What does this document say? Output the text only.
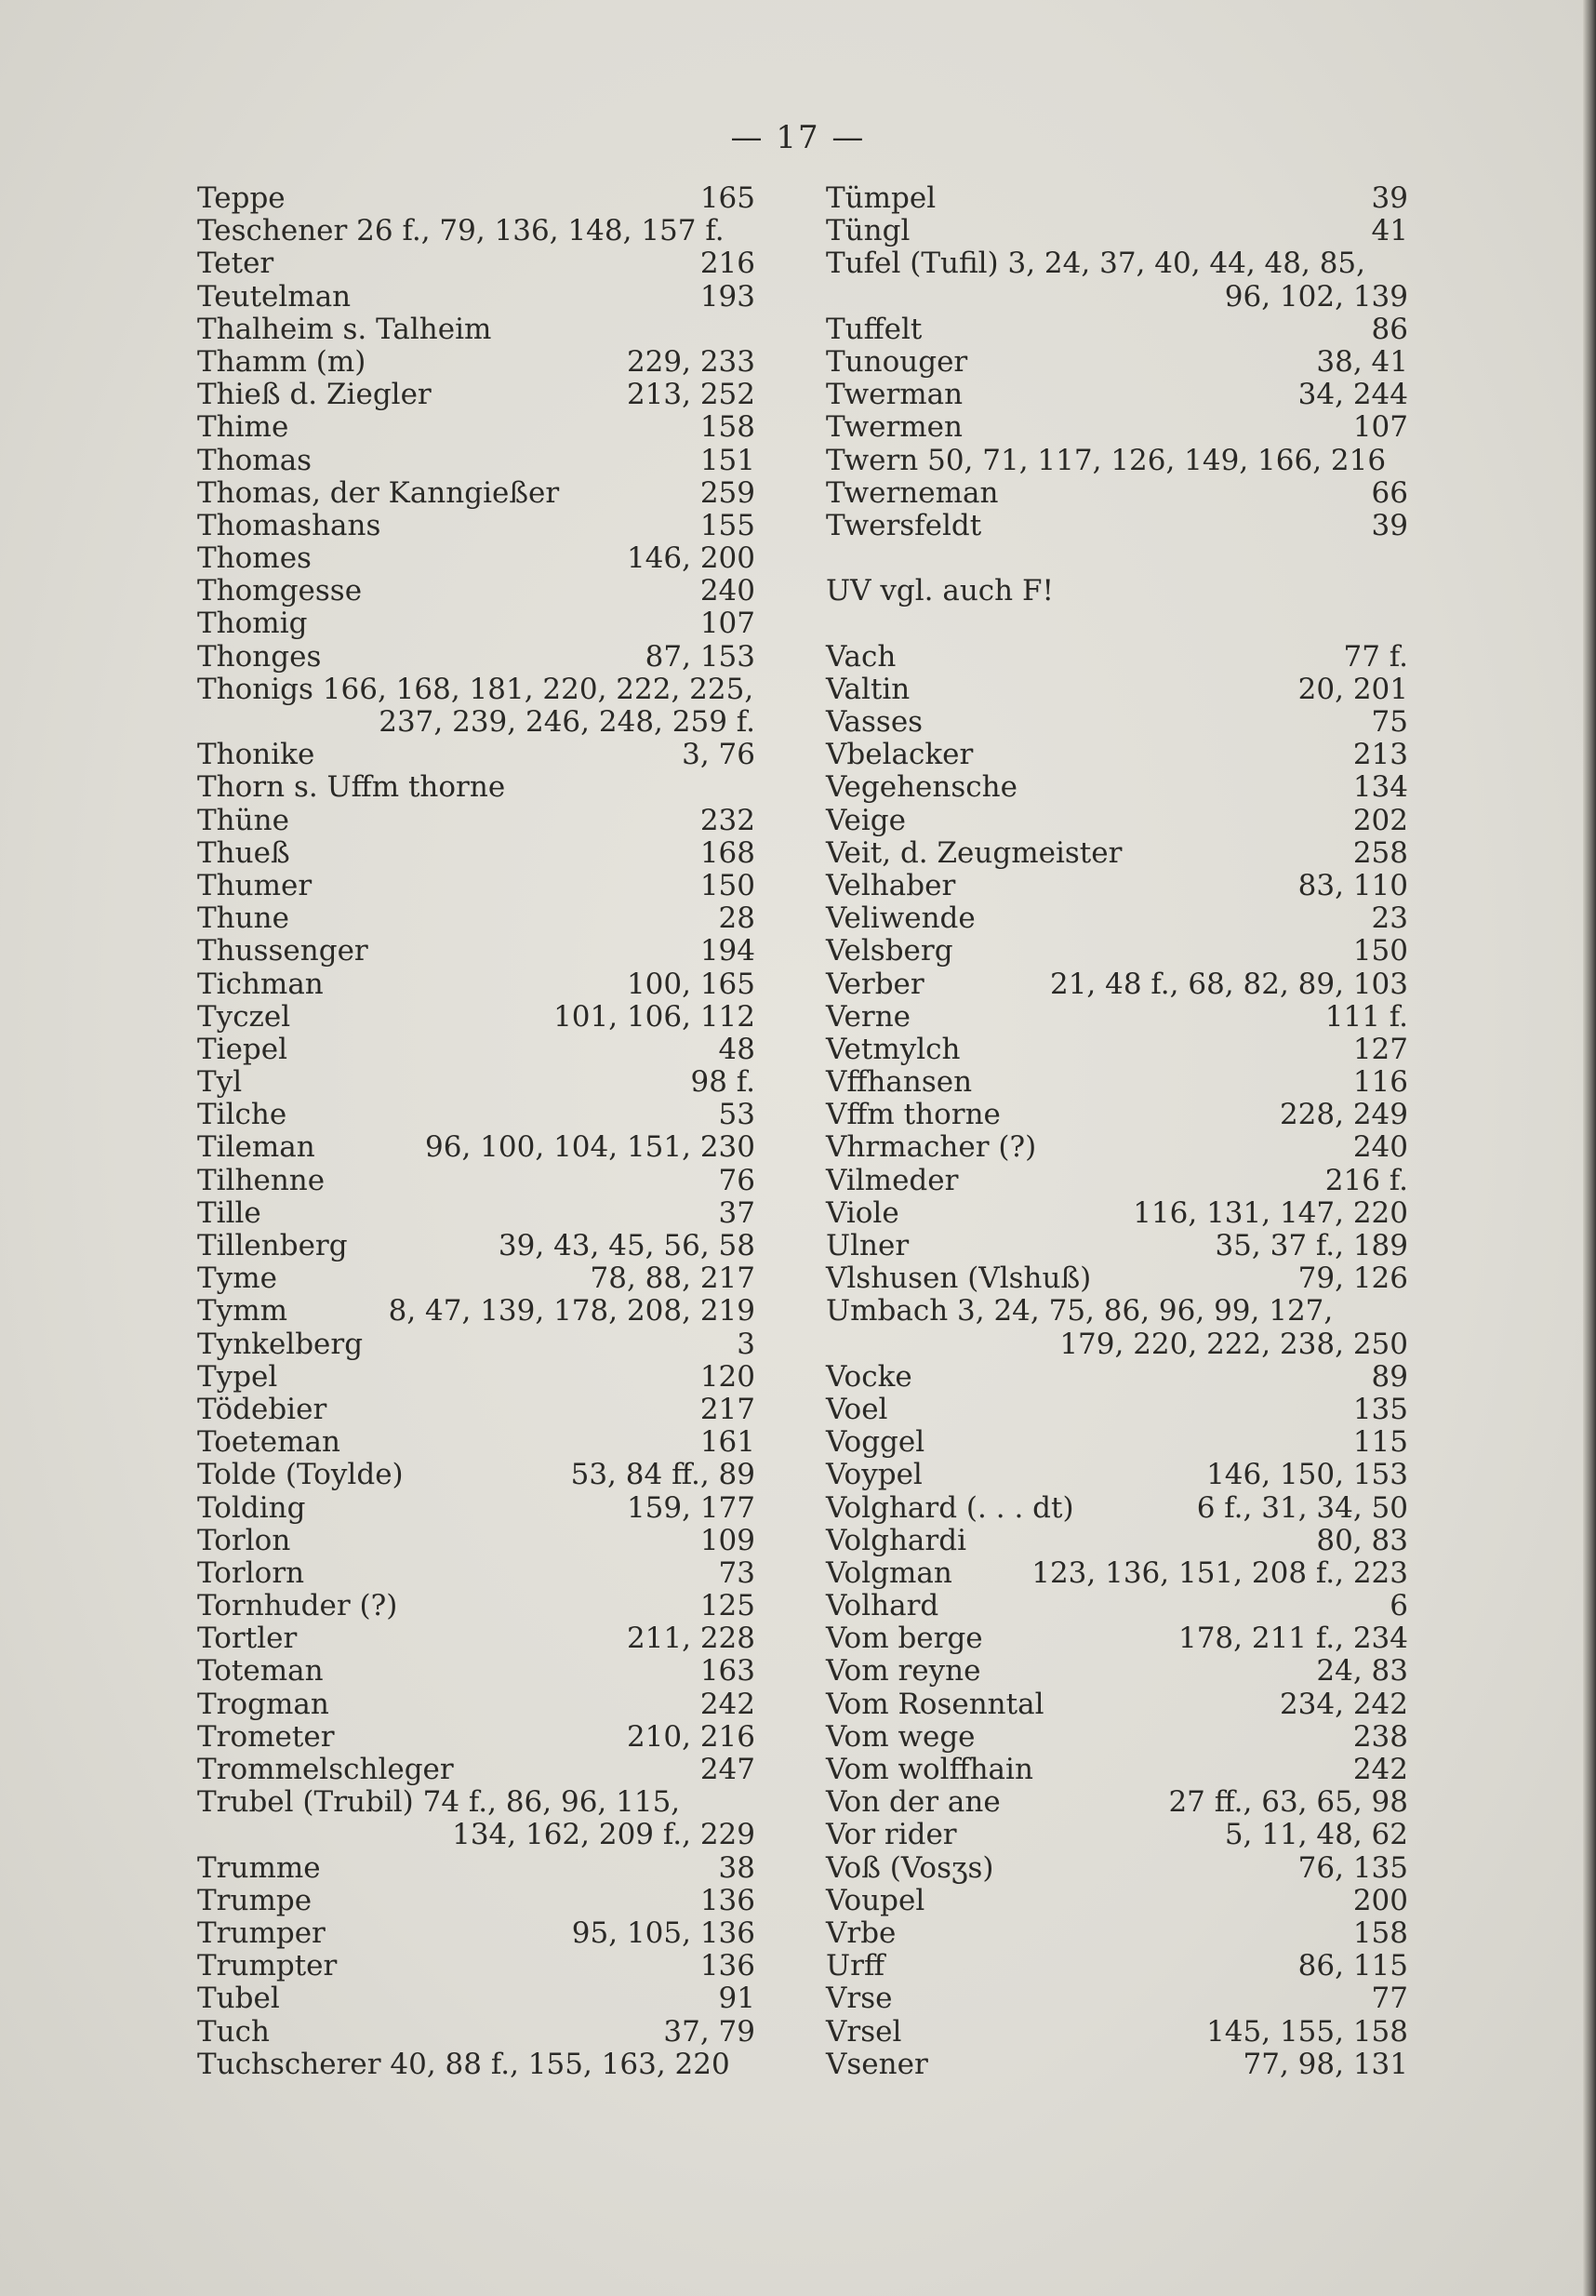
— 17 —
Teppe	165
Teschener 26 f., 79, 136, 148, 157 f.
Teter	216
Teutelman	193
Thalheim s. Talheim
Thamm (m)	229, 233
Thieß d. Ziegler	213, 252
Thime	158
Thomas	151
Thomas, der Kanngießer	259
Thomashans	155
Thomes	146, 200
Thomgesse	240
Thomig	107
Thonges	87, 153
Thonigs 166, 168, 181, 220, 222, 225,
237, 239, 246, 248, 259 f.
Thonike	3, 76
Thorn s. Uffm thorne
Thüne	232
Thueß	168
Thumer	150
Thune	28
Thussenger	194
Tichman	100, 165
Tyczel	101, 106, 112
Tiepel	48
Tyl	98 f.
Tilche	53
Tileman	96, 100, 104, 151, 230
Tilhenne	76
Tille	37
Tillenberg	39, 43, 45, 56, 58
Tyme	78, 88, 217
Tymm	8, 47, 139, 178, 208, 219
Tynkelberg	3
Typel	120
Tödebier	217
Toeteman	161
Tolde (Toylde)	53, 84 ff., 89
Tolding	159, 177
Torlon	109
Torlorn	73
Tornhuder (?)	125
Tortler	211, 228
Toteman	163
Trogman	242
Trometer	210, 216
Trommelschleger	247
Trubel (Trubil) 74 f., 86, 96, 115,
134, 162, 209 f., 229
Trumme	38
Trumpe	136
Trumper	95, 105, 136
Trumpter	136
Tubel	91
Tuch	37, 79
Tuchscherer 40, 88 f., 155, 163, 220
Tümpel	39
Tüngl	41
Tufel (Tufil) 3, 24, 37, 40, 44, 48, 85,
96, 102, 139
Tuffelt	86
Tunouger	38, 41
Twerman	34, 244
Twermen	107
Twern 50, 71, 117, 126, 149, 166, 216
Twerneman	66
Twersfeldt	39
UV vgl. auch F!
Vach	77 f.
Valtin	20, 201
Vasses	75
Vbelacker	213
Vegehensche	134
Veige	202
Veit, d. Zeugmeister	258
Velhaber	83, 110
Veliwende	23
Velsberg	150
Verber	21, 48 f., 68, 82, 89, 103
Verne	111 f.
Vetmylch	127
Vffhansen	116
Vffm thorne	228, 249
Vhrmacher (?)	240
Vilmeder	216 f.
Viole	116, 131, 147, 220
Ulner	35, 37 f., 189
Vlshusen (Vlshuß)	79, 126
Umbach 3, 24, 75, 86, 96, 99, 127,
179, 220, 222, 238, 250
Vocke	89
Voel	135
Voggel	115
Voypel	146, 150, 153
Volghard (. . . dt)	6 f., 31, 34, 50
Volghardi	80, 83
Volgman	123, 136, 151, 208 f., 223
Volhard	6
Vom berge	178, 211 f., 234
Vom reyne	24, 83
Vom Rosenntal	234, 242
Vom wege	238
Vom wolffhain	242
Von der ane	27 ff., 63, 65, 98
Vor rider	5, 11, 48, 62
Voß (Vosʒs)	76, 135
Voupel	200
Vrbe	158
Urff	86, 115
Vrse	77
Vrsel	145, 155, 158
Vsener	77, 98, 131
